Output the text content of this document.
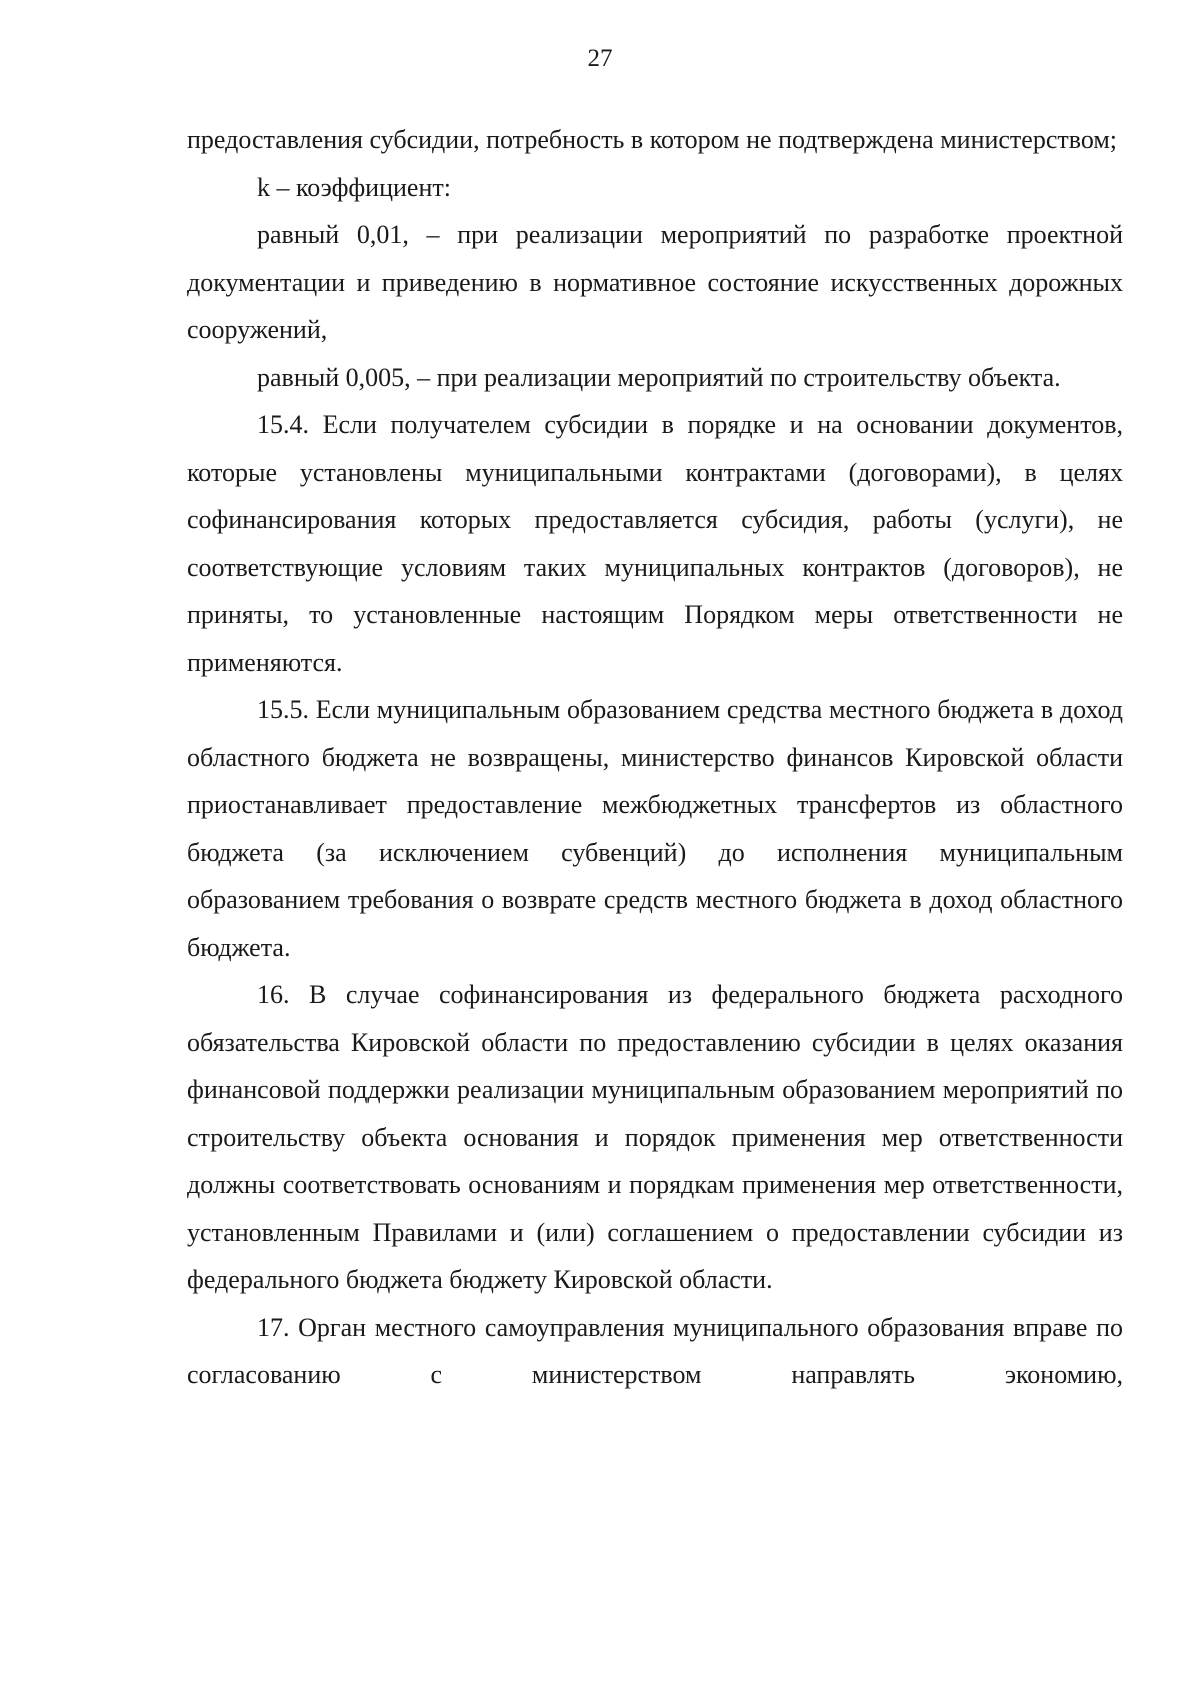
27

предоставления субсидии, потребность в котором не подтверждена министерством;

k – коэффициент:

равный 0,01, – при реализации мероприятий по разработке проектной документации и приведению в нормативное состояние искусственных дорожных сооружений,

равный 0,005, – при реализации мероприятий по строительству объекта.

15.4. Если получателем субсидии в порядке и на основании документов, которые установлены муниципальными контрактами (договорами), в целях софинансирования которых предоставляется субсидия, работы (услуги), не соответствующие условиям таких муниципальных контрактов (договоров), не приняты, то установленные настоящим Порядком меры ответственности не применяются.

15.5. Если муниципальным образованием средства местного бюджета в доход областного бюджета не возвращены, министерство финансов Кировской области приостанавливает предоставление межбюджетных трансфертов из областного бюджета (за исключением субвенций) до исполнения муниципальным образованием требования о возврате средств местного бюджета в доход областного бюджета.

16. В случае софинансирования из федерального бюджета расходного обязательства Кировской области по предоставлению субсидии в целях оказания финансовой поддержки реализации муниципальным образованием мероприятий по строительству объекта основания и порядок применения мер ответственности должны соответствовать основаниям и порядкам применения мер ответственности, установленным Правилами и (или) соглашением о предоставлении субсидии из федерального бюджета бюджету Кировской области.

17. Орган местного самоуправления муниципального образования вправе по согласованию с министерством направлять экономию,
